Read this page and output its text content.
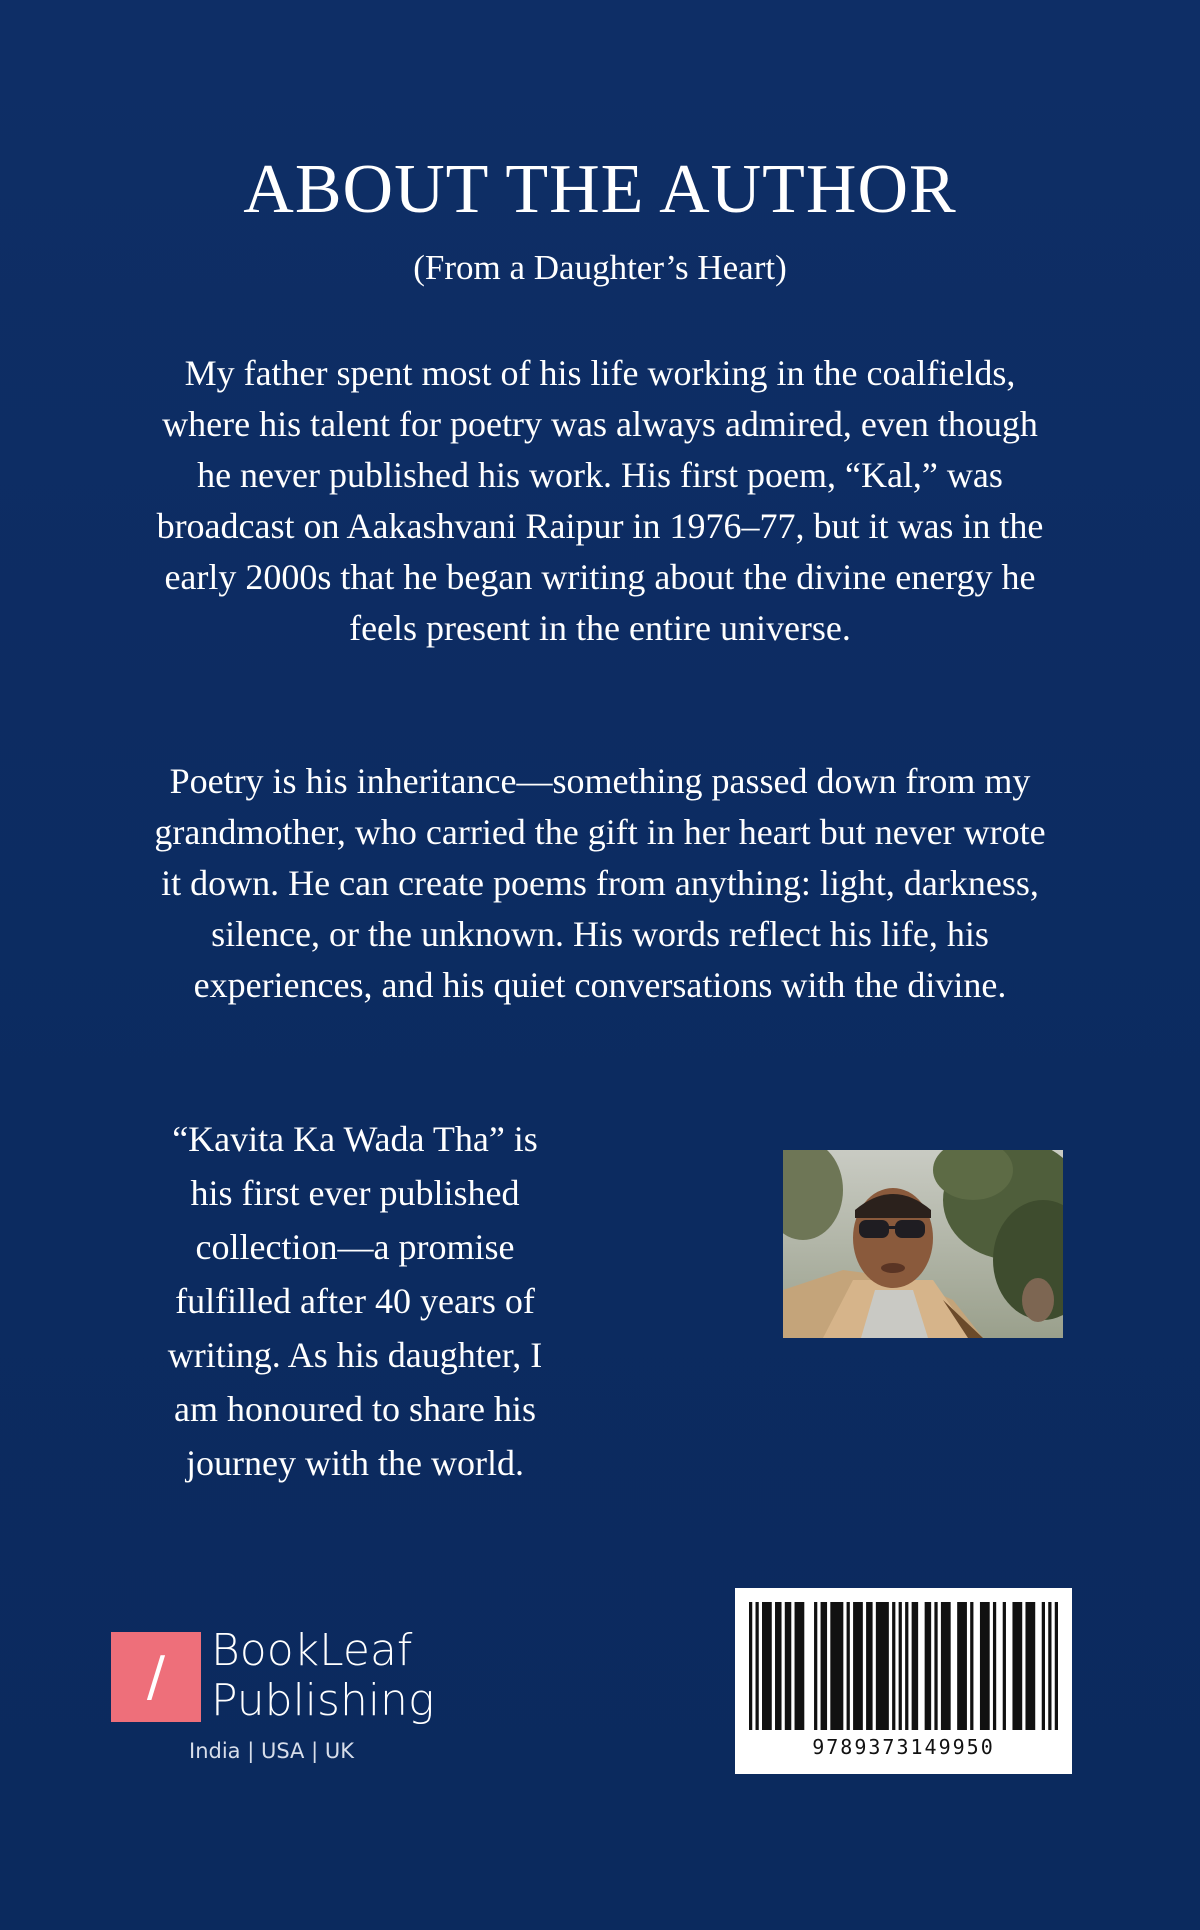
ABOUT THE AUTHOR
(From a Daughter’s Heart)
My father spent most of his life working in the coalfields, where his talent for poetry was always admired, even though he never published his work. His first poem, “Kal,” was broadcast on Aakashvani Raipur in 1976–77, but it was in the early 2000s that he began writing about the divine energy he feels present in the entire universe.
Poetry is his inheritance—something passed down from my grandmother, who carried the gift in her heart but never wrote it down. He can create poems from anything: light, darkness, silence, or the unknown. His words reflect his life, his experiences, and his quiet conversations with the divine.
“Kavita Ka Wada Tha” is his first ever published collection—a promise fulfilled after 40 years of writing. As his daughter, I am honoured to share his journey with the world.
/	BookLeaf
Publishing
India | USA | UK	9789373149950
